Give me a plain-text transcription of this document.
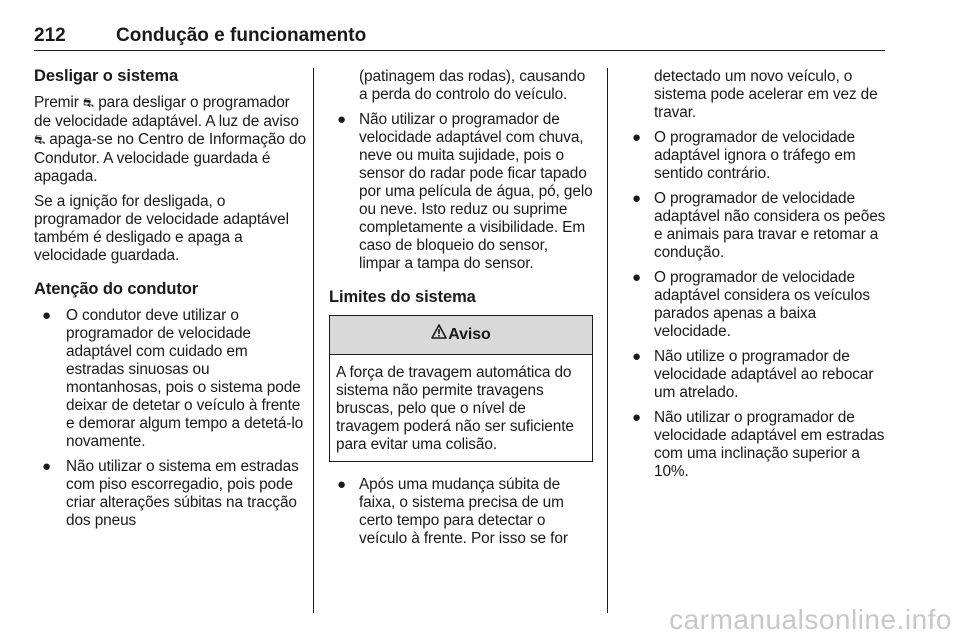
212	Condução e funcionamento
Desligar o sistema

Premir ⛐ para desligar o programador de velocidade adaptável. A luz de aviso ⛐ apaga-se no Centro de Informação do Condutor. A velocidade guardada é apagada.

Se a ignição for desligada, o programador de velocidade adaptável também é desligado e apaga a velocidade guardada.

Atenção do condutor
● O condutor deve utilizar o programador de velocidade adaptável com cuidado em estradas sinuosas ou montanhosas, pois o sistema pode deixar de detetar o veículo à frente e demorar algum tempo a detetá-lo novamente.
● Não utilizar o sistema em estradas com piso escorregadio, pois pode criar alterações súbitas na tracção dos pneus
(patinagem das rodas), causando a perda do controlo do veículo.
● Não utilizar o programador de velocidade adaptável com chuva, neve ou muita sujidade, pois o sensor do radar pode ficar tapado por uma película de água, pó, gelo ou neve. Isto reduz ou suprime completamente a visibilidade. Em caso de bloqueio do sensor, limpar a tampa do sensor.
Limites do sistema
Aviso
A força de travagem automática do sistema não permite travagens bruscas, pelo que o nível de travagem poderá não ser suficiente para evitar uma colisão.
● Após uma mudança súbita de faixa, o sistema precisa de um certo tempo para detectar o veículo à frente. Por isso se for
detectado um novo veículo, o sistema pode acelerar em vez de travar.
● O programador de velocidade adaptável ignora o tráfego em sentido contrário.
● O programador de velocidade adaptável não considera os peões e animais para travar e retomar a condução.
● O programador de velocidade adaptável considera os veículos parados apenas a baixa velocidade.
● Não utilize o programador de velocidade adaptável ao rebocar um atrelado.
● Não utilizar o programador de velocidade adaptável em estradas com uma inclinação superior a 10%.
carmanualsonline.info
